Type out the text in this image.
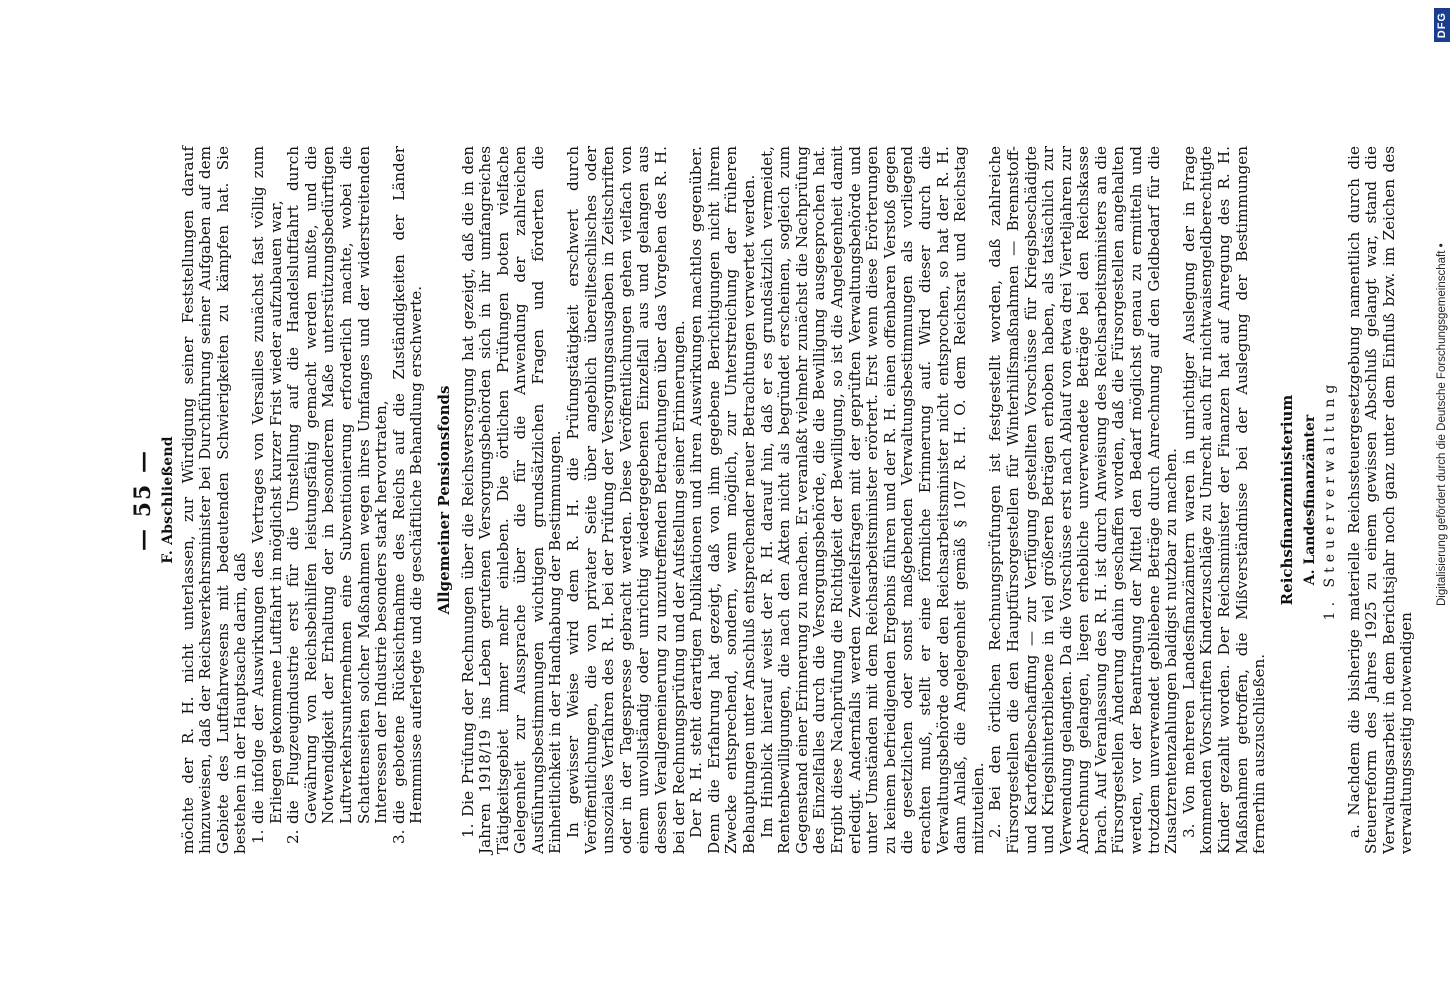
— 55 — F. Abschließend möchte der R. H. nicht unterlassen, zur Würdigung seiner Feststellungen darauf hinzuweisen, daß der Reichsverkehrsminister bei Durchführung seiner Aufgaben auf dem Gebiete des Luftfahrwesens mit bedeutenden Schwierigkeiten zu kämpfen hat. Sie bestehen in der Hauptsache darin, daß 1.die infolge der Auswirkungen des Vertrages von Versailles zunächst fast völlig zum Erliegen gekommene Luftfahrt in möglichst kurzer Frist wieder aufzubauen war,

2.die Flugzeugindustrie erst für die Umstellung auf die Handelsluftfahrt durch Gewährung von Reichsbeihilfen leistungsfähig gemacht werden mußte, und die Notwendigkeit der Erhaltung der in besonderem Maße unterstützungsbedürftigen Luftverkehrsunternehmen eine Subventionierung erforderlich machte, wobei die Schattenseiten solcher Maßnahmen wegen ihres Umfanges und der widerstreitenden Interessen der Industrie besonders stark hervortraten,

3.die gebotene Rücksichtnahme des Reichs auf die Zuständigkeiten der Länder Hemmnisse auferlegte und die geschäftliche Behandlung erschwerte. Allgemeiner Pensionsfonds 1. Die Prüfung der Rechnungen über die Reichsversorgung hat gezeigt, daß die in den Jahren 1918/19 ins Leben gerufenen Versorgungsbehörden sich in ihr umfangreiches Tätigkeitsgebiet immer mehr einleben. Die örtlichen Prüfungen boten vielfache Gelegenheit zur Aussprache über die für die Anwendung der zahlreichen Ausführungsbestimmungen wichtigen grundsätzlichen Fragen und förderten die Einheitlichkeit in der Handhabung der Bestimmungen. In gewisser Weise wird dem R. H. die Prüfungstätigkeit erschwert durch Veröffentlichungen, die von privater Seite über angeblich übereilteschlisches oder unsoziales Verfahren des R. H. bei der Prüfung der Versorgungsausgaben in Zeitschriften oder in der Tagespresse gebracht werden. Diese Veröffentlichungen gehen vielfach von einem unvollständig oder unrichtig wiedergegebenen Einzelfall aus und gelangen aus dessen Verallgemeinerung zu unzutreffenden Betrachtungen über das Vorgehen des R. H. bei der Rechnungsprüfung und der Aufstellung seiner Erinnerungen. Der R. H. steht derartigen Publikationen und ihren Auswirkungen machtlos gegenüber. Denn die Erfahrung hat gezeigt, daß von ihm gegebene Berichtigungen nicht ihrem Zwecke entsprechend, sondern, wenn möglich, zur Unterstreichung der früheren Behauptungen unter Anschluß entsprechender neuer Betrachtungen verwertet werden. Im Hinblick hierauf weist der R. H. darauf hin, daß er es grundsätzlich vermeidet, Rentenbewilligungen, die nach den Akten nicht als begründet erscheinen, sogleich zum Gegenstand einer Erinnerung zu machen. Er veranlaßt vielmehr zunächst die Nachprüfung des Einzelfalles durch die Versorgungsbehörde, die die Bewilligung ausgesprochen hat. Ergibt diese Nachprüfung die Richtigkeit der Bewilligung, so ist die Angelegenheit damit erledigt. Andernfalls werden Zweifelsfragen mit der geprüften Verwaltungsbehörde und unter Umständen mit dem Reichsarbeitsminister erörtert. Erst wenn diese Erörterungen zu keinem befriedigenden Ergebnis führen und der R. H. einen offenbaren Verstoß gegen die gesetzlichen oder sonst maßgebenden Verwaltungsbestimmungen als vorliegend erachten muß, stellt er eine förmliche Erinnerung auf. Wird dieser durch die Verwaltungsbehörde oder den Reichsarbeitsminister nicht entsprochen, so hat der R. H. dann Anlaß, die Angelegenheit gemäß § 107 R. H. O. dem Reichsrat und Reichstag mitzuteilen. 2. Bei den örtlichen Rechnungsprüfungen ist festgestellt worden, daß zahlreiche Fürsorgestellen die den Hauptfürsorgestellen für Winterhilfsmaßnahmen — Brennstoff- und Kartoffelbeschaffung — zur Verfügung gestellten Vorschüsse für Kriegsbeschädigte und Kriegshinterbliebene in viel größeren Beträgen erhoben haben, als tatsächlich zur Verwendung gelangten. Da die Vorschüsse erst nach Ablauf von etwa drei Vierteljahren zur Abrechnung gelangen, liegen erhebliche unverwendete Beträge bei den Reichskasse brach. Auf Veranlassung des R. H. ist durch Anweisung des Reichsarbeitsministers an die Fürsorgestellen Änderung dahin geschaffen worden, daß die Fürsorgestellen angehalten werden, vor der Beantragung der Mittel den Bedarf möglichst genau zu ermitteln und trotzdem unverwendet gebliebene Beträge durch Anrechnung auf den Geldbedarf für die Zusatzrentenzahlungen baldigst nutzbar zu machen. 3. Von mehreren Landesfinanzämtern waren in unrichtiger Auslegung der in Frage kommenden Vorschriften Kinderzuschläge zu Unrecht auch für nichtwaisengeldberechtigte Kinder gezahlt worden. Der Reichsminister der Finanzen hat auf Anregung des R. H. Maßnahmen getroffen, die Mißverständnisse bei der Auslegung der Bestimmungen fernerhin auszuschließen.

Reichsfinanzministerium A. Landesfinanzämter 1. Steuerverwaltung a. Nachdem die bisherige materielle Reichssteuergesetzgebung namentlich durch die Steuerreform des Jahres 1925 zu einem gewissen Abschluß gelangt war, stand die Verwaltungsarbeit in dem Berichtsjahr noch ganz unter dem Einfluß bzw. im Zeichen des verwaltungsseitig notwendigen

Digitalisierung gefördert durch die Deutsche Forschungsgemeinschaft •
DFG
